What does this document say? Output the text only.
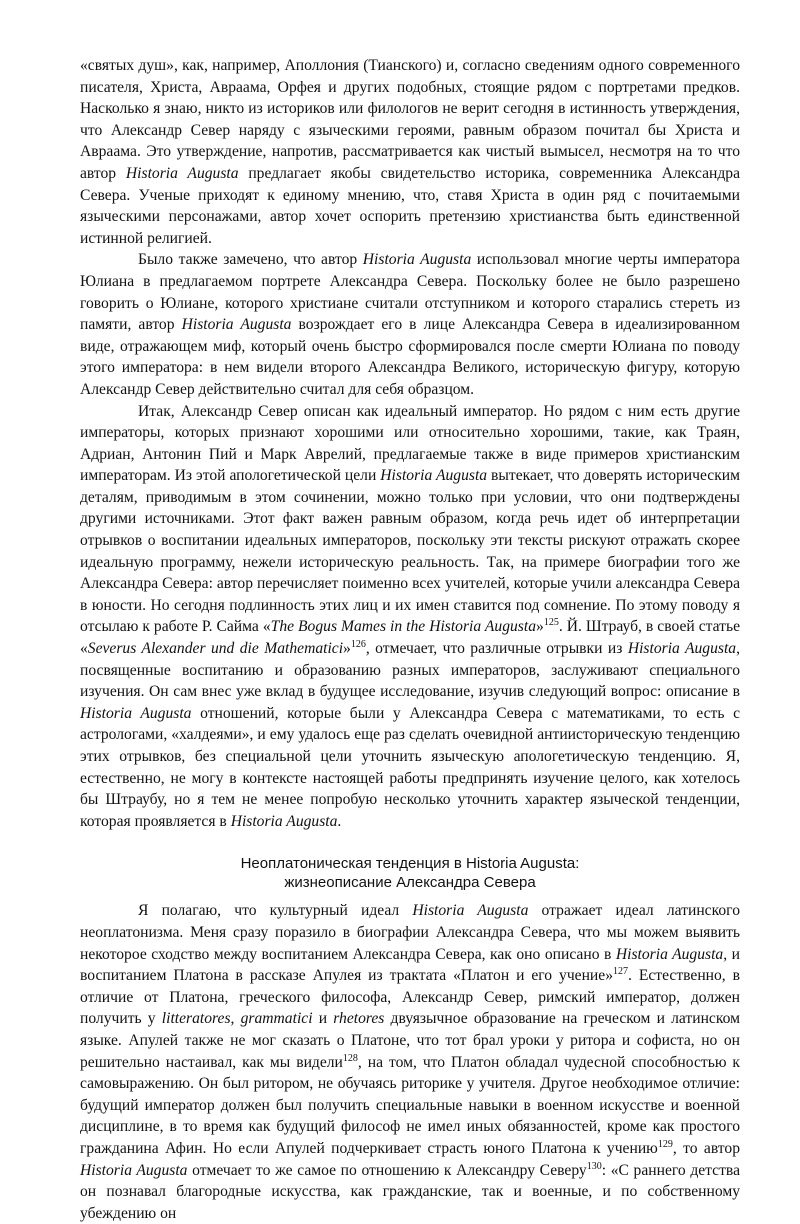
«святых душ», как, например, Аполлония (Тианского) и, согласно сведениям одного современного писателя, Христа, Авраама, Орфея и других подобных, стоящие рядом с портретами предков. Насколько я знаю, никто из историков или филологов не верит сегодня в истинность утверждения, что Александр Север наряду с языческими героями, равным образом почитал бы Христа и Авраама. Это утверждение, напротив, рассматривается как чистый вымысел, несмотря на то что автор Historia Augusta предлагает якобы свидетельство историка, современника Александра Севера. Ученые приходят к единому мнению, что, ставя Христа в один ряд с почитаемыми языческими персонажами, автор хочет оспорить претензию христианства быть единственной истинной религией.

Было также замечено, что автор Historia Augusta использовал многие черты императора Юлиана в предлагаемом портрете Александра Севера. Поскольку более не было разрешено говорить о Юлиане, которого христиане считали отступником и которого старались стереть из памяти, автор Historia Augusta возрождает его в лице Александра Севера в идеализированном виде, отражающем миф, который очень быстро сформировался после смерти Юлиана по поводу этого императора: в нем видели второго Александра Великого, историческую фигуру, которую Александр Север действительно считал для себя образцом.

Итак, Александр Север описан как идеальный император. Но рядом с ним есть другие императоры, которых признают хорошими или относительно хорошими, такие, как Траян, Адриан, Антонин Пий и Марк Аврелий, предлагаемые также в виде примеров христианским императорам. Из этой апологетической цели Historia Augusta вытекает, что доверять историческим деталям, приводимым в этом сочинении, можно только при условии, что они подтверждены другими источниками. Этот факт важен равным образом, когда речь идет об интерпретации отрывков о воспитании идеальных императоров, поскольку эти тексты рискуют отражать скорее идеальную программу, нежели историческую реальность. Так, на примере биографии того же Александра Севера: автор перечисляет поименно всех учителей, которые учили александра Севера в юности. Но сегодня подлинность этих лиц и их имен ставится под сомнение. По этому поводу я отсылаю к работе Р. Сайма «The Bogus Mames in the Historia Augusta»$^{125}$. Й. Штрауб, в своей статье «Severus Alexander und die Mathematici»$^{126}$, отмечает, что различные отрывки из Historia Augusta, посвященные воспитанию и образованию разных императоров, заслуживают специального изучения. Он сам внес уже вклад в будущее исследование, изучив следующий вопрос: описание в Historia Augusta отношений, которые были у Александра Севера с математиками, то есть с астрологами, «халдеями», и ему удалось еще раз сделать очевидной антиисторическую тенденцию этих отрывков, без специальной цели уточнить языческую апологетическую тенденцию. Я, естественно, не могу в контексте настоящей работы предпринять изучение целого, как хотелось бы Штраубу, но я тем не менее попробую несколько уточнить характер языческой тенденции, которая проявляется в Historia Augusta.

Неоплатоническая тенденция в Historia Augusta:
жизнеописание Александра Севера

Я полагаю, что культурный идеал Historia Augusta отражает идеал латинского неоплатонизма. Меня сразу поразило в биографии Александра Севера, что мы можем выявить некоторое сходство между воспитанием Александра Севера, как оно описано в Historia Augusta, и воспитанием Платона в рассказе Апулея из трактата «Платон и его учение»$^{127}$. Естественно, в отличие от Платона, греческого философа, Александр Север, римский император, должен получить у litteratores, grammatici и rhetores двуязычное образование на греческом и латинском языке. Апулей также не мог сказать о Платоне, что тот брал уроки у ритора и софиста, но он решительно настаивал, как мы видели$^{128}$, на том, что Платон обладал чудесной способностью к самовыражению. Он был ритором, не обучаясь риторике у учителя. Другое необходимое отличие: будущий император должен был получить специальные навыки в военном искусстве и военной дисциплине, в то время как будущий философ не имел иных обязанностей, кроме как простого гражданина Афин. Но если Апулей подчеркивает страсть юного Платона к учению$^{129}$, то автор Historia Augusta отмечает то же самое по отношению к Александру Северу$^{130}$: «С раннего детства он познавал благородные искусства, как гражданские, так и военные, и по собственному убеждению он
